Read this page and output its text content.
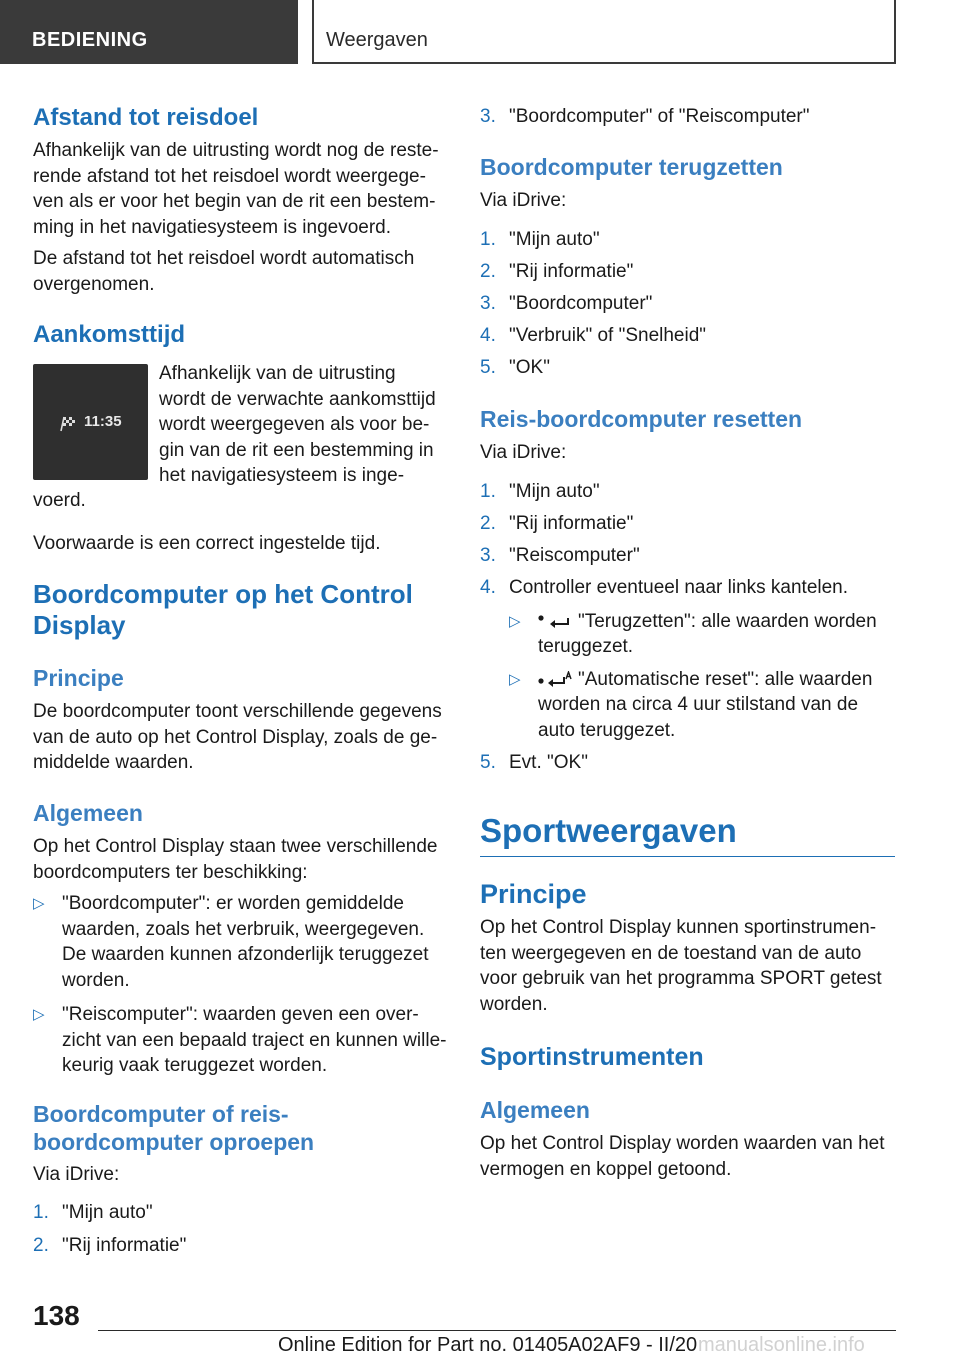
BEDIENING	Weergaven
Afstand tot reisdoel
Afhankelijk van de uitrusting wordt nog de reste-
rende afstand tot het reisdoel wordt weergege-
ven als er voor het begin van de rit een bestem-
ming in het navigatiesysteem is ingevoerd.
De afstand tot het reisdoel wordt automatisch
overgenomen.
Aankomsttijd
11:35
Afhankelijk van de uitrusting
wordt de verwachte aankomsttijd
wordt weergegeven als voor be-
gin van de rit een bestemming in
het navigatiesysteem is inge-
voerd.
Voorwaarde is een correct ingestelde tijd.
Boordcomputer op het Control
Display
Principe
De boordcomputer toont verschillende gegevens
van de auto op het Control Display, zoals de ge-
middelde waarden.
Algemeen
Op het Control Display staan twee verschillende
boordcomputers ter beschikking:
▷ "Boordcomputer": er worden gemiddelde
waarden, zoals het verbruik, weergegeven.
De waarden kunnen afzonderlijk teruggezet
worden.
▷ "Reiscomputer": waarden geven een over-
zicht van een bepaald traject en kunnen wille-
keurig vaak teruggezet worden.
Boordcomputer of reis-
boordcomputer oproepen
Via iDrive:
1. "Mijn auto"
2. "Rij informatie"
3. "Boordcomputer" of "Reiscomputer"
Boordcomputer terugzetten
Via iDrive:
1. "Mijn auto"
2. "Rij informatie"
3. "Boordcomputer"
4. "Verbruik" of "Snelheid"
5. "OK"
Reis-boordcomputer resetten
Via iDrive:
1. "Mijn auto"
2. "Rij informatie"
3. "Reiscomputer"
4. Controller eventueel naar links kantelen.
▷	"Terugzetten": alle waarden worden
teruggezet.
▷	"Automatische reset": alle waarden
worden na circa 4 uur stilstand van de
auto teruggezet.
5. Evt. "OK"
Sportweergaven
Principe
Op het Control Display kunnen sportinstrumen-
ten weergegeven en de toestand van de auto
voor gebruik van het programma SPORT getest
worden.
Sportinstrumenten
Algemeen
Op het Control Display worden waarden van het
vermogen en koppel getoond.
138
Online Edition for Part no. 01405A02AF9 - II/20 manualsonline.info
